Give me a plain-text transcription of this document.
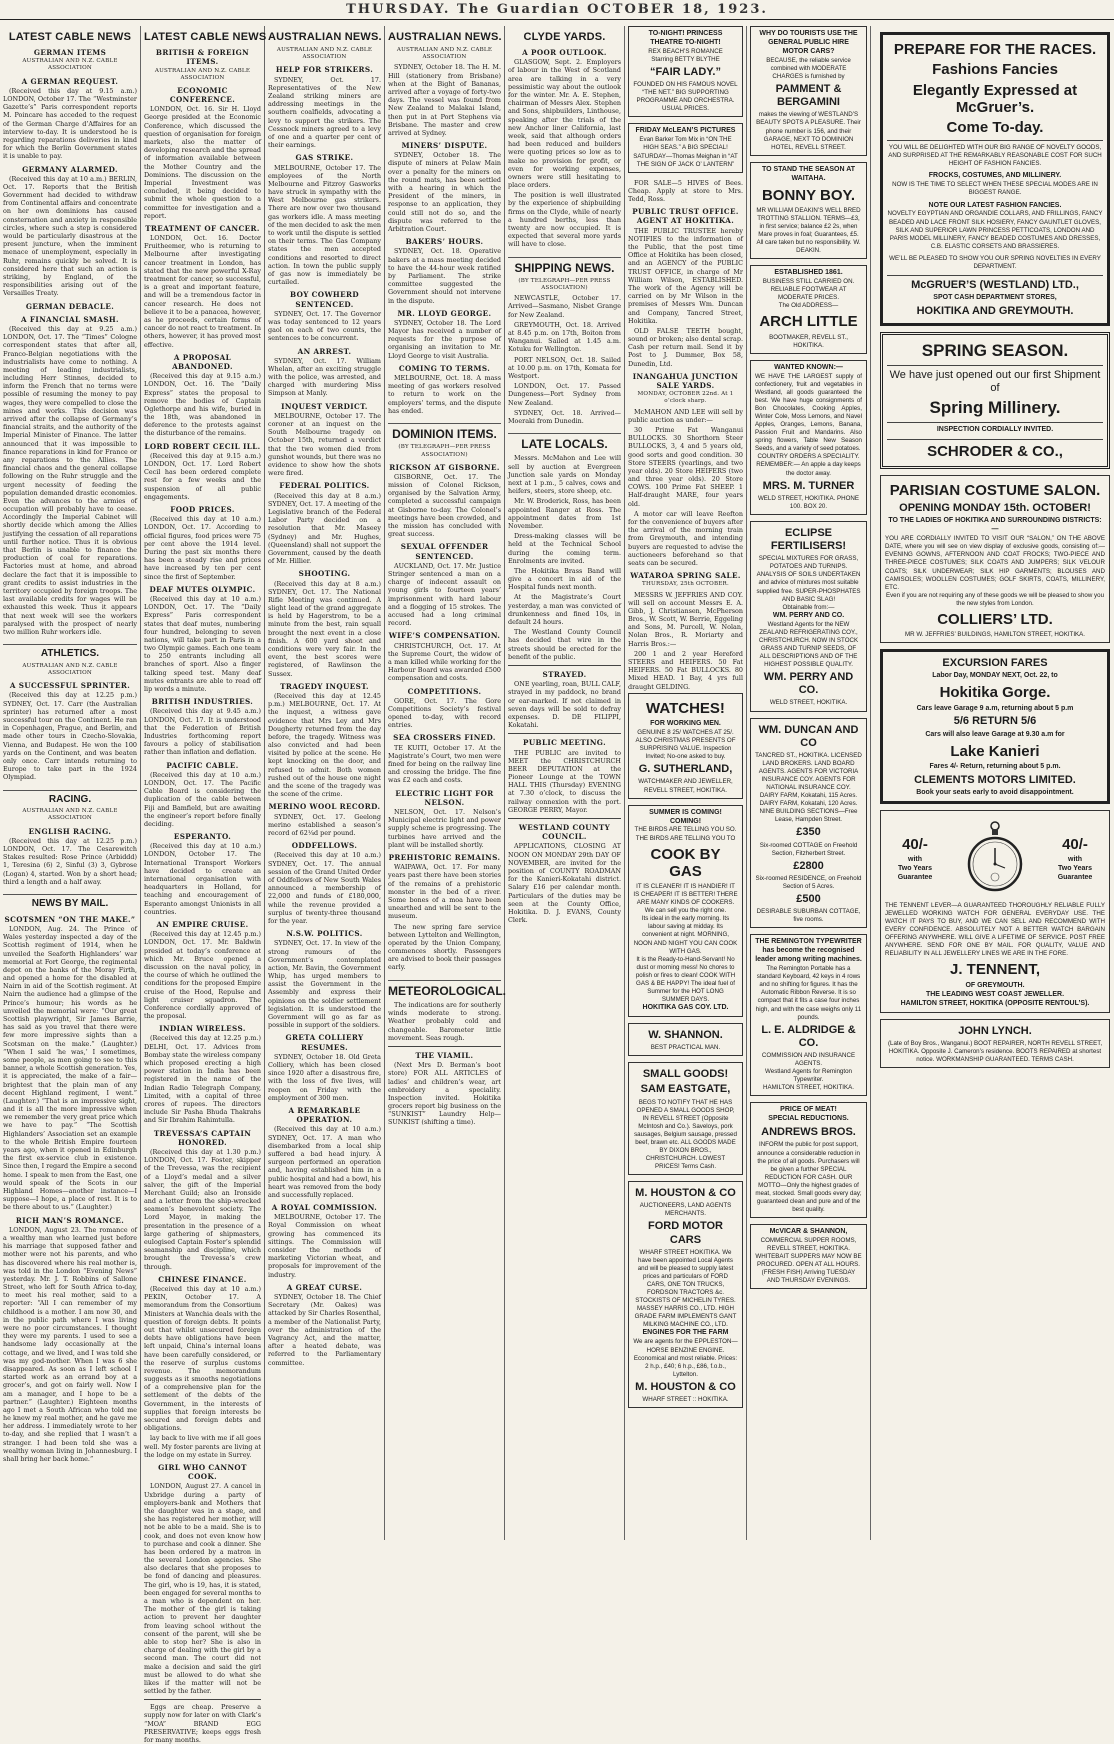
THURSDAY. The Guardian OCTOBER 18, 1923.
LATEST CABLE NEWS
GERMAN ITEMS
AUSTRALIAN AND N.Z. CABLE ASSOCIATION
A GERMAN REQUEST.

(Received this day at 9.15 a.m.) LONDON, October 17. The “Westminster Gazette’s” Paris correspondent reports M. Poincare has acceded to the request of the German Charge d’Affaires for an interview to-day. It is understood he is regarding reparations deliveries in kind for which the Berlin Government states it is unable to pay.

GERMANY ALARMED.

(Received this day at 10 a.m.) BERLIN, Oct. 17. Reports that the British Government had decided to withdraw from Continental affairs and concentrate on her own dominions has caused consternation and anxiety in responsible circles, where such a step is considered would be particularly disastrous at the present juncture, when the imminent menace of unemployment, especially in Ruhr, remains quickly be solved. It is considered here that such an action is striking, by England, of the responsibilities arising out of the Versailles Treaty.

GERMAN DEBACLE.
A FINANCIAL SMASH.

(Received this day at 9.25 a.m.) LONDON, Oct. 17. The “Times” Cologne correspondent states that after all, Franco-Belgian negotiations with the industrialists have come to nothing. A meeting of leading industrialists, including Herr Stinnes, decided to inform the French that no terms were possible of resuming the money to pay wages, they were compelled to close the mines and works. This decision was arrived after the collapse of Germany’s financial straits, and the authority of the Imperial Minister of Finance. The latter announced that it was impossible to finance reparations in kind for France or any reparations to the Allies. The financial chaos and the general collapse following on the Ruhr struggle and the urgent necessity of feeding the population demanded drastic economies. Even the advances to the armies of occupation will probably have to cease. Accordingly the Imperial Cabinet will shortly decide which among the Allies justifying the cessation of all reparations until further notice. Thus it is obvious that Berlin is unable to finance the production of coal for reparations. Factories must at home, and abroad declare the fact that it is impossible to grant credits to assist industries in the territory occupied by foreign troops. The last available credits for wages will be exhausted this week. Thus it appears that next week will see the workers paralysed with the prospect of nearly two million Ruhr workers idle.

ATHLETICS.
AUSTRALIAN AND N.Z. CABLE ASSOCIATION
A SUCCESSFUL SPRINTER.

(Received this day at 12.25 p.m.) SYDNEY, Oct. 17. Carr (the Australian sprinter) has returned after a most successful tour on the Continent. He ran in Copenhagen, Prague, and Berlin, and made other tours in Czecho-Slovakia, Vienna, and Budapest. He won the 100 yards on the Continent, and was beaten only once. Carr intends returning to Europe to take part in the 1924 Olympiad.

RACING.
AUSTRALIAN AND N.Z. CABLE ASSOCIATION
ENGLISH RACING.

(Received this day at 12.25 p.m.) LONDON, Oct. 17. The Cesarewitch Stakes resulted: Rose Prince (Arbiddd) 1, Teresina (6) 2, Sinful (3) 3, Gybrose (Logan) 4, started. Won by a short head; third a length and a half away.

NEWS BY MAIL.
SCOTSMEN “ON THE MAKE.”

LONDON, Aug. 24. The Prince of Wales yesterday inspected a day of the Scottish regiment of 1914, when he unveiled the Seaforth Highlanders’ war memorial at Fort George, the regimental depot on the banks of the Moray Firth, and opened a home for the disabled at Nairn in aid of the Scottish regiment. At Nairn the audience had a glimpse of the Prince’s humour; his words as he unveiled the memorial were: “Our great Scottish playwright, Sir James Barrie, has said as you travel that there were few more impressive sights than a Scotsman on the make.” (Laughter.) “When I said ‘he was,’ I sometimes, some people, as men going to see to this banner, a whole Scottish generation. Yes, it is appreciated, the make of a fair—brightest that the plain man of any decent Highland regiment, I went.” (Laughter.) “That is an impressive sight, and it is all the more impressive when we remember the very great price which we have to pay.” “The Scottish Highlanders’ Association set an example to the whole British Empire fourteen years ago, when it opened in Edinburgh the first ex-service club in existence. Since then, I regard the Empire a second home. I speak to men from the East, one would speak of the Scots in our Highland Homes—another instance—I suppose—I hope, a place of rest. It is to be there about to us.” (Laughter.)

RICH MAN’S ROMANCE.

LONDON, August 23. The romance of a wealthy man who learned just before his marriage that supposed father and mother were not his parents, and who has discovered where his real mother is, was told in the London “Evening News” yesterday. Mr. J. T. Robbins of Sallone Street, who left for South Africa to-day, to meet his real mother, said to a reporter: “All I can remember of my childhood is a mother. I am now 30, and in the public path where I was living were no poor circumstances. I thought they were my parents. I used to see a handsome lady occasionally at the cottage, and we lived, and I was told she was my god-mother. When I was 6 she disappeared. As soon as I left school I started work as an errand boy at a grocer’s, and got on fairly well. Now I am a manager, and I hope to be a partner.” (Laughter.) Eighteen months ago I met a South African who told me he knew my real mother, and he gave me her address. I immediately wrote to her to-day, and she replied that I wasn’t a stranger. I had been told she was a wealthy woman living in Johannesburg. I shall bring her back home.”

LATEST CABLE NEWS
BRITISH & FOREIGN ITEMS.
AUSTRALIAN AND N.Z. CABLE ASSOCIATION
ECONOMIC CONFERENCE.

LONDON, Oct. 16. Sir H. Lloyd George presided at the Economic Conference, which discussed the question of organisation for foreign markets, also the matter of developing research and the spread of information available between the Mother Country and the Dominions. The discussion on the Imperial Investment was concluded, it being decided to submit the whole question to a committee for investigation and a report.

TREATMENT OF CANCER.

LONDON, Oct. 16. Doctor Fruitheemer, who is returning to Melbourne after investigating cancer treatment in London, has stated that the new powerful X-Ray treatment for cancer, so successful, is a great and important feature, and will be a tremendous factor in cancer research. He does not believe it to be a panacea, however, as he proceeds, certain forms of cancer do not react to treatment. In others, however, it has proved most effective.

A PROPOSAL ABANDONED.

(Received this day at 9.15 a.m.) LONDON, Oct. 16. The “Daily Express” states the proposal to remove the bodies of Captain Oglethorpe and his wife, buried in the 18th, was abandoned in deference to the protests against the disturbance of the remains.

LORD ROBERT CECIL ILL.

(Received this day at 9.15 a.m.) LONDON, Oct. 17. Lord Robert Cecil has been ordered complete rest for a few weeks and the suspension of all public engagements.

FOOD PRICES.

(Received this day at 10 a.m.) LONDON, Oct. 17. According to official figures, food prices were 75 per cent above the 1914 level. During the past six months there has been a steady rise and prices have increased by ten per cent since the first of September.

DEAF MUTES OLYMPIC.

(Received this day at 10 a.m.) LONDON, Oct. 17. The “Daily Express” Paris correspondent states that deaf mutes, numbering four hundred, belonging to seven nations, will take part in Paris in a two Olympic games. Each one team to 250 entrants including all branches of sport. Also a finger talking speed test. Many deaf mutes entrants are able to read off lip words a minute.

BRITISH INDUSTRIES.

(Received this day at 9.45 a.m.) LONDON, Oct. 17. It is understood that the Federation of British Industries forthcoming report favours a policy of stabilisation rather than inflation and deflation.

PACIFIC CABLE.

(Received this day at 10 a.m.) LONDON, Oct. 17. The Pacific Cable Board is considering the duplication of the cable between Fiji and Bamfield, but are awaiting the engineer’s report before finally deciding.

ESPERANTO.

(Received this day at 10 a.m.) LONDON, October 17. The International Transport Workers have decided to create an international organisation with headquarters in Holland, for teaching and encouragement of Esperanto amongst Unionists in all countries.

AN EMPIRE CRUISE.

(Received this day at 12.45 p.m.) LONDON, Oct. 17. Mr. Baldwin presided at today’s conference at which Mr. Bruce opened a discussion on the naval policy, in the course of which he outlined the conditions for the proposed Empire cruise of the Hood, Repulse and light cruiser squadron. The Conference cordially approved of the proposal.

INDIAN WIRELESS.

(Received this day at 12.25 p.m.) DELHI, Oct. 17. Advices from Bombay state the wireless company which proposed erecting a high power station in India has been registered in the name of the Indian Radio Telegraph Company, Limited, with a capital of three crores of rupees. The directors include Sir Pasha Bhuda Thakrahs and Sir Ibrahim Rahimtulla.

TREVESSA’S CAPTAIN HONORED.

(Received this day at 1.30 p.m.) LONDON, Oct. 17. Foster, skipper of the Trevessa, was the recipient of a Lloyd’s medal and a silver salver, the gift of the Imperial Merchant Guild; also an Ironside and a letter from the ship-wrecked seamen’s benevolent society. The Lord Mayor, in making the presentation in the presence of a large gathering of shipmasters, eulogised Captain Foster’s splendid seamanship and discipline, which brought the Trevessa’s crew through.

CHINESE FINANCE.

(Received this day at 10 a.m.) PEKIN, October 17. A memorandum from the Consortium Ministers at Wanchia deals with the question of foreign debts. It points out that whilst unsecured foreign debts have obligations have been left unpaid, China’s internal loans have been carefully considered, or the reserve of surplus customs revenue. The memorandum suggests as it smooths negotiations of a comprehensive plan for the settlement of the debts of the Government, in the interests of supplies that foreign interests be secured and foreign debts and obligations.

lay back to live with me if all goes well. My foster parents are living at the lodge on my estate in Surrey.

GIRL WHO CANNOT COOK.

LONDON, August 27. A cancel in Uxbridge during a party of employers-bank and Mothers that the daughter was in a stage, and she has registered her mother, will not be able to be a maid. She is to cook, and does not even know how to purchase and cook a dinner. She has been ordered by a matron in the several London agencies. She also declares that she proposes to be fond of dancing and pleasures. The girl, who is 19, has, it is stated, been engaged for several months to a man who is dependent on her. The mother of the girl is taking action to prevent her daughter from leaving school without the consent of the parent, will she be able to stop her? She is also in charge of dealing with the girl by a second man. The court did not make a decision and said the girl must be allowed to do what she likes if the matter will not be settled by the father.

Eggs are cheap. Preserve a supply now for later on with Clark’s “MOA” BRAND EGG PRESERVATIVE; keeps eggs fresh for many months.

AUSTRALIAN NEWS.
AUSTRALIAN AND N.Z. CABLE ASSOCIATION
HELP FOR STRIKERS.

SYDNEY, Oct. 17. Representatives of the New Zealand striking miners are addressing meetings in the southern coalfields, advocating a levy to support the strikers. The Cessnock miners agreed to a levy of one and a quarter per cent of their earnings.

GAS STRIKE.

MELBOURNE, October 17. The employees of the North Melbourne and Fitzroy Gasworks have struck in sympathy with the West Melbourne gas strikers. There are now over two thousand gas workers idle. A mass meeting of the men decided to ask the men to work until the dispute is settled on their terms. The Gas Company states the men accepted conditions and resorted to direct action. In town the public supply of gas now is immediately be curtailed.

BOY COWHERD SENTENCED.

SYDNEY, Oct. 17. The Governor was today sentenced to 12 years gaol on each of two counts, the sentences to be concurrent.

AN ARREST.

SYDNEY, Oct. 17. William Whelan, after an exciting struggle with the police, was arrested, and charged with murdering Miss Simpson at Manly.

INQUEST VERDICT.

MELBOURNE, October 17. The coroner at an inquest on the South Melbourne tragedy on October 15th, returned a verdict that the two women died from gunshot wounds, but there was no evidence to show how the shots were fired.

FEDERAL POLITICS.

(Received this day at 8 a.m.) SYDNEY, Oct. 17. A meeting of the Legislative branch of the Federal Labor Party decided on a resolution that Mr. Maseey (Sydney) and Mr. Hughes, (Queensland) shall not support the Government, caused by the death of Mr. Hillier.

SHOOTING.

(Received this day at 8 a.m.) SYDNEY, Oct. 17. The National Rifle Meeting was continued. A slight lead of the grand aggregate is held by Hagerstrom, to be a minute from the best, rain squall brought the next event in a close finish. A 600 yard shoot and conditions were very fair. In the event, the best scores were registered, of Rawlinson the Sussex.

TRAGEDY INQUEST.

(Received this day at 12.45 p.m.) MELBOURNE, Oct. 17. At the inquest, a witness gave evidence that Mrs Ley and Mrs Dougherty returned from the day before, the tragedy. Witness was also convicted and had been visited by police at the scene. He kept knocking on the door, and refused to admit. Both women rushed out of the house one night and the scene of the tragedy was the scene of the crime.

MERINO WOOL RECORD.

SYDNEY, Oct. 17. Geelong merino established a season’s record of 62¼d per pound.

ODDFELLOWS.

(Received this day at 10 a.m.) SYDNEY, Oct. 17. The annual session of the Grand United Order of Oddfellows of New South Wales announced a membership of 22,000 and funds of £180,000, while the revenue provided a surplus of twenty-three thousand for the year.

N.S.W. POLITICS.

SYDNEY, Oct. 17. In view of the strong rumours of the Government’s contemplated action, Mr. Bavin, the Government Whip, has urged members to assist the Government in the Assembly and express their opinions on the soldier settlement legislation. It is understood the Government will go as far as possible in support of the soldiers.

GRETA COLLIERY RESUMES.

SYDNEY, October 18. Old Greta Colliery, which has been closed since 1920 after a disastrous fire, with the loss of five lives, will reopen on Friday with the employment of 300 men.

A REMARKABLE OPERATION.

(Received this day at 10 a.m.) SYDNEY, Oct. 17. A man who disembarked from a local ship suffered a bad head injury. A surgeon performed an operation and, having established him in a public hospital and had a bowl, his heart was removed from the body and successfully replaced.

A ROYAL COMMISSION.

MELBOURNE, October 17. The Royal Commission on wheat growing has commenced its sittings. The Commission will consider the methods of marketing Victorian wheat, and proposals for improvement of the industry.

A GREAT CURSE.

SYDNEY, October 18. The Chief Secretary (Mr. Oakes) was attacked by Sir Charles Rosenthal, a member of the Nationalist Party, over the administration of the Vagrancy Act, and the matter, after a heated debate, was referred to the Parliamentary committee.

AUSTRALIAN NEWS.
AUSTRALIAN AND N.Z. CABLE ASSOCIATION

SYDNEY, October 18. The H. M. Hill (stationery from Brisbane) when at the Bight of Bananas, arrived after a voyage of forty-two days. The vessel was found from New Zealand to Malakai Island, then put in at Port Stephens via Brisbane. The master and crew arrived at Sydney.

MINERS’ DISPUTE.

SYDNEY, October 18. The dispute of miners at Pelaw Main over a penalty for the miners on the round mats, has been settled with a hearing in which the President of the miners, in response to an application, they could still not do so, and the dispute was referred to the Arbitration Court.

BAKERS’ HOURS.

SYDNEY, Oct. 18. Operative bakers at a mass meeting decided to have the 44-hour week ratified by Parliament. The strike committee suggested the Government should not intervene in the dispute.

MR. LLOYD GEORGE.

SYDNEY, October 18. The Lord Mayor has received a number of requests for the purpose of organising an invitation to Mr. Lloyd George to visit Australia.

COMING TO TERMS.

MELBOURNE, Oct. 18. A mass meeting of gas workers resolved to return to work on the employers’ terms, and the dispute has ended.

DOMINION ITEMS.
(BY TELEGRAPH—PER PRESS ASSOCIATION)
RICKSON AT GISBORNE.

GISBORNE, Oct. 17. The mission of Colonel Rickson, organised by the Salvation Army, completed a successful campaign at Gisborne to-day. The Colonel’s meetings have been crowded, and the mission has concluded with great success.

SEXUAL OFFENDER SENTENCED.

AUCKLAND, Oct. 17. Mr. Justice Stringer sentenced a man on a charge of indecent assault on young girls to fourteen years’ imprisonment with hard labour and a flogging of 15 strokes. The accused had a long criminal record.

WIFE’S COMPENSATION.

CHRISTCHURCH, Oct. 17. At the Supreme Court, the widow of a man killed while working for the Harbour Board was awarded £500 compensation and costs.

COMPETITIONS.

GORE, Oct. 17. The Gore Competitions Society’s festival opened to-day, with record entries.

SEA CROSSERS FINED.

TE KUITI, October 17. At the Magistrate’s Court, two men were fined for being on the railway line and crossing the bridge. The fine was £2 each and costs.

ELECTRIC LIGHT FOR NELSON.

NELSON, Oct. 17. Nelson’s Municipal electric light and power supply scheme is progressing. The turbines have arrived and the plant will be installed shortly.

PREHISTORIC REMAINS.

WAIPAWA, Oct. 17. For many years past there have been stories of the remains of a prehistoric monster in the bed of a river. Some bones of a moa have been unearthed and will be sent to the museum.

The new spring fare service between Lyttelton and Wellington, operated by the Union Company, commences shortly. Passengers are advised to book their passages early.

METEOROLOGICAL.

The indications are for southerly winds moderate to strong. Weather probably cold and changeable. Barometer little movement. Seas rough.

THE VIAMIL.

(Next Mrs D. Berman’s boot store) FOR ALL ARTICLES of ladies’ and children’s wear, art embroidery a speciality. Inspection invited. Hokitika grocers report big business on the “SUNKIST” Laundry Help— SUNKIST (shifting a time).

CLYDE YARDS.
A POOR OUTLOOK.

GLASGOW, Sept. 2. Employers of labour in the West of Scotland area are talking in a very pessimistic way about the outlook for the winter. Mr. A. E. Stephen, chairman of Messrs Alex. Stephen and Sons, shipbuilders, Linthouse, speaking after the trials of the new Anchor liner California, last week, said that although orders had been reduced and builders were quoting prices so low as to make no provision for profit, or even for working expenses, owners were still hesitating to place orders.

The position is well illustrated by the experience of shipbuilding firms on the Clyde, while of nearly a hundred berths, less than twenty are now occupied. It is expected that several more yards will have to close.

SHIPPING NEWS.
(BY TELEGRAPH—PER PRESS ASSOCIATION)

NEWCASTLE, October 17. Arrived—Sasmano, Nisbet Grange for New Zealand.

GREYMOUTH, Oct. 18. Arrived at 8.45 p.m. on 17th, Boiton from Wanganui. Sailed at 1.45 a.m. Kotuku for Wellington.

PORT NELSON, Oct. 18. Sailed at 10.00 p.m. on 17th, Komata for Westport.

LONDON, Oct. 17. Passed Dungeness—Port Sydney from New Zealand.

SYDNEY, Oct. 18. Arrived—Moeraki from Dunedin.

LATE LOCALS.

Messrs. McMahon and Lee will sell by auction at Evergreen Junction sale yards on Monday next at 1 p.m., 5 calves, cows and heifers, steers, store sheep, etc.

Mr. W. Broderick, Ross, has been appointed Ranger at Ross. The appointment dates from 1st November.

Dress-making classes will be held at the Technical School during the coming term. Enrolments are invited.

The Hokitika Brass Band will give a concert in aid of the Hospital funds next month.

At the Magistrate’s Court yesterday, a man was convicted of drunkenness and fined 10s, in default 24 hours.

The Westland County Council has decided that wire in the streets should be erected for the benefit of the public.

STRAYED.

ONE yearling, roan, BULL CALF, strayed in my paddock, no brand or ear-marked. If not claimed in seven days will be sold to defray expenses. D. DE FILIPPI, Kokatahi.

PUBLIC MEETING.

THE PUBLIC are invited to MEET the CHRISTCHURCH BEER DEPUTATION at the Pioneer Lounge at the TOWN HALL THIS (Thursday) EVENING at 7.30 o’clock, to discuss the railway connexion with the port. GEORGE PERRY, Mayor.

WESTLAND COUNTY COUNCIL.

APPLICATIONS, CLOSING AT NOON ON MONDAY 29th DAY OF NOVEMBER, are invited for the position of COUNTY ROADMAN for the Kanieri-Kokatahi district. Salary £16 per calendar month. Particulars of the duties may be seen at the County Office, Hokitika. D. J. EVANS, County Clerk.

TO-NIGHT! PRINCESS THEATRE TO-NIGHT!
REX BEACH’S ROMANCE
Starring BETTY BLYTHE
“FAIR LADY.”
FOUNDED ON HIS FAMOUS NOVEL “THE NET.” BIG SUPPORTING PROGRAMME AND ORCHESTRA. USUAL PRICES.
FRIDAY McLEAN’S PICTURES
Evan Barker Tom Mix in “ON THE HIGH SEAS.” A BIG SPECIAL!
SATURDAY—Thomas Meighan in “AT THE SIGN OF JACK O’ LANTERN”

FOR SALE—5 HIVES of Bees. Cheap. Apply at store to Mrs. Tedd, Ross.

PUBLIC TRUST OFFICE. AGENT AT HOKITIKA.

THE PUBLIC TRUSTEE hereby NOTIFIES to the information of the Public, that the post time Office at Hokitika has been closed, and an AGENCY of the PUBLIC TRUST OFFICE, in charge of Mr William Wilson, ESTABLISHED. The work of the Agency will be carried on by Mr Wilson in the premises of Messrs Wm. Duncan and Company, Tancred Street, Hokitika.

OLD FALSE TEETH bought, sound or broken; also dental scrap. Cash per return mail. Send it by Post to J. Dummer, Box 58, Dunedin, Ltd.

INANGAHUA JUNCTION SALE YARDS.
MONDAY, OCTOBER 22nd. At 1 o’clock sharp.

McMAHON AND LEE will sell by public auction as under:—

30 Prime Fat Wanganui BULLOCKS. 30 Shorthorn Steer BULLOCKS, 3, 4 and 5 years old, good sorts and good condition. 30 Store STEERS (yearlings, and two year olds). 20 Store HEIFERS (two and three year olds). 20 Store COWS. 100 Prime Fat SHEEP. 1 Half-draught MARE, four years old.

A motor car will leave Reefton for the convenience of buyers after the arrival of the morning train from Greymouth, and intending buyers are requested to advise the auctioneers beforehand so that seats can be secured.

WATAROA SPRING SALE.
THURSDAY, 25th OCTOBER.

MESSRS W. JEFFRIES AND COY. will sell on account Messrs E. A. Gibb, J. Christiansen, McPherson Bros., W. Scott, W. Berrie, Eggeling and Sons, M. Purcell, W. Nolan, Nolan Bros., R. Moriarty and Harris Bros.:—

200 1 and 2 year Hereford STEERS and HEIFERS. 50 Fat HEIFERS. 50 Fat BULLOCKS. 80 Mixed HEAD. 1 Bay, 4 yrs full draught GELDING.

WATCHES!
FOR WORKING MEN.
GENUINE 8 25/ WATCHES AT 25/. ALSO CHRISTMAS PRESENTS OF SURPRISING VALUE. Inspection Invited; No-one asked to buy.
G. SUTHERLAND,
WATCHMAKER AND JEWELLER, REVELL STREET, HOKITIKA.
SUMMER IS COMING! COMING!
THE BIRDS ARE TELLING YOU SO. THE BIRDS ARE TELLING YOU TO
COOK BY GAS
IT IS CLEANER! IT IS HANDIER! IT IS CHEAPER! IT IS BETTER! THERE ARE MANY KINDS OF COOKERS. We can sell you the right one.
Its ideal in the early morning. Its labour saving at midday. Its convenient at night. MORNING, NOON AND NIGHT YOU CAN COOK WITH GAS.
It is the Ready-to-Hand-Servant! No dust or morning mess! No chores to polish or fires to clean! COOK WITH GAS & BE HAPPY! The ideal fuel of Summer for the HOT LONG SUMMER DAYS.
HOKITIKA GAS COY. LTD.
W. SHANNON.
BEST PRACTICAL MAN.
SMALL GOODS!
SAM EASTGATE,
BEGS TO NOTIFY THAT HE HAS OPENED A SMALL GOODS SHOP, IN REVELL STREET (Opposite McIntosh and Co.). Saveloys, pork sausages, Belgium sausage, pressed beef, brawn etc. ALL GOODS MADE BY DIXON BROS., CHRISTCHURCH. LOWEST PRICES! Terms Cash.
M. HOUSTON & CO
AUCTIONEERS, LAND AGENTS MERCHANTS.
FORD MOTOR CARS
WHARF STREET HOKITIKA. We have been appointed Local Agents and will be pleased to supply latest prices and particulars of FORD CARS, ONE TON TRUCKS, FORDSON TRACTORS &c. STOCKISTS OF MICHELIN TYRES. MASSEY HARRIS CO., LTD. HIGH GRADE FARM IMPLEMENTS GANT MILKING MACHINE CO., LTD.
ENGINES FOR THE FARM
We are agents for the EPPLESTON—HORSE BENZINE ENGINE. Economical and most reliable. Prices: 2 h.p., £40; 6 h.p., £86, f.o.b., Lyttelton.
M. HOUSTON & CO
WHARF STREET :: HOKITIKA.
WHY DO TOURISTS USE THE GENERAL PUBLIC HIRE MOTOR CARS?
BECAUSE, the reliable service combined with MODERATE CHARGES is furnished by
PAMMENT & BERGAMINI
makes the viewing of WESTLAND’S BEAUTY SPOTS A PLEASURE. Their phone number is 156, and their GARAGE, NEXT TO DOMINION HOTEL, REVELL STREET.
TO STAND THE SEASON AT WAITAHA.
BONNY BOY.
MR WILLIAM DEAKIN’S WELL BRED TROTTING STALLION. TERMS—£3, in first service; balance £2 2s, when Mare proves in foal; Guarantees, £5. All care taken but no responsibility. W. DEAKIN.
ESTABLISHED 1861.
BUSINESS STILL CARRIED ON.
RELIABLE FOOTWEAR AT MODERATE PRICES.
The Old ADDRESS—
ARCH LITTLE
BOOTMAKER, REVELL ST., HOKITIKA.
WANTED KNOWN:—
WE HAVE THE LARGEST supply of confectionery, fruit and vegetables in Westland, all goods guaranteed the best. We have huge consignments of Bon Chocolates, Cooking Apples, Winter Cole, Moss Lemons, and Navel Apples, Oranges, Lemons, Banana, Passion Fruit and Mandarins. Also spring flowers, Table New Season Seeds, and a variety of seed potatoes.
COUNTRY ORDERS A SPECIALITY. REMEMBER:— An apple a day keeps the doctor away.
MRS. M. TURNER
WELD STREET, HOKITIKA. PHONE 100. BOX 20.
ECLIPSE FERTILISERS!
SPECIAL MIXTURES FOR GRASS, POTATOES AND TURNIPS. ANALYSIS OF SOILS UNDERTAKEN and advice of mixtures most suitable supplied free. SUPER-PHOSPHATES AND BASIC SLAG!
Obtainable from:—
WM. PERRY AND CO.
Westland Agents for the NEW ZEALAND REFRIGERATING COY., CHRISTCHURCH. NOW IN STOCK GRASS AND TURNIP SEEDS, OF ALL DESCRIPTIONS AND OF THE HIGHEST POSSIBLE QUALITY.
WM. PERRY AND CO.
WELD STREET, HOKITIKA.
WM. DUNCAN AND CO
TANCRED ST., HOKITIKA. LICENSED LAND BROKERS. LAND BOARD AGENTS. AGENTS FOR VICTORIA INSURANCE COY. AGENTS FOR NATIONAL INSURANCE COY.
DAIRY FARM, Kokatahi, 115 Acres. DAIRY FARM, Kokatahi, 120 Acres.
NINE BUILDING SECTIONS—Free Lease, Hampden Street.
£350
Six-roomed COTTAGE on Freehold Section, Fitzherbert Street.
£2800
Six-roomed RESIDENCE, on Freehold Section of 5 Acres.
£500
DESIRABLE SUBURBAN COTTAGE, five rooms.
THE REMINGTON TYPEWRITER has become the recognised leader among writing machines.
The Remington Portable has a standard Keyboard, 42 keys in 4 rows and no shifting for figures. It has the Automatic Ribbon Reverse. It is so compact that it fits a case four inches high, and with the case weighs only 11 pounds.
L. E. ALDRIDGE & CO.
COMMISSION AND INSURANCE AGENTS.
Westland Agents for Remington Typewriter.
HAMILTON STREET, HOKITIKA.
PRICE OF MEAT!
SPECIAL REDUCTIONS.
ANDREWS BROS.
INFORM the public for post support, announce a considerable reduction in the price of all goods. Purchasers will be given a further SPECIAL REDUCTION FOR CASH. OUR MOTTO—Only the highest grades of meat, stocked. Small goods every day; guaranteed clean and pure and of the best quality.
McVICAR & SHANNON,
COMMERCIAL SUPPER ROOMS, REVELL STREET, HOKITIKA. WHITEBAIT SUPPERS MAY NOW BE PROCURED. OPEN AT ALL HOURS. (FRESH FISH) Arriving TUESDAY AND THURSDAY EVENINGS.
PREPARE FOR THE RACES.
Fashions Fancies
Elegantly Expressed at McGruer’s.
Come To-day.
YOU WILL BE DELIGHTED WITH OUR BIG RANGE OF NOVELTY GOODS, AND SURPRISED AT THE REMARKABLY REASONABLE COST FOR SUCH HEIGHT OF FASHION FANCIES.
FROCKS, COSTUMES, AND MILLINERY.
NOW IS THE TIME TO SELECT WHEN THESE SPECIAL MODES ARE IN BIGGEST RANGE.
NOTE OUR LATEST FASHION FANCIES.
NOVELTY EGYPTIAN AND ORGANDIE COLLARS, AND FRILLINGS, FANCY BEADED AND LACE FRONT SILK HOSIERY, FANCY GAUNTLET GLOVES, SILK AND SUPERIOR LAWN PRINCESS PETTICOATS, LONDON AND PARIS MODEL MILLINERY, FANCY BEADED COSTUMES AND DRESSES, C.B. ELASTIC CORSETS AND BRASSIERES.
WE’LL BE PLEASED TO SHOW YOU OUR SPRING NOVELTIES IN EVERY DEPARTMENT.
McGRUER’S (WESTLAND) LTD.,
SPOT CASH DEPARTMENT STORES,
HOKITIKA AND GREYMOUTH.
SPRING SEASON.
We have just opened out our first Shipment of
Spring Millinery.
INSPECTION CORDIALLY INVITED.
SCHRODER & CO.,
PARISIAN COSTUME SALON.
OPENING MONDAY 15th. OCTOBER!
TO THE LADIES OF HOKITIKA AND SURROUNDING DISTRICTS:—
YOU ARE CORDIALLY INVITED TO VISIT OUR “SALON,” ON THE ABOVE DATE, where you will see on view display of exclusive goods, consisting of:— EVENING GOWNS, AFTERNOON AND COAT FROCKS; TWO-PIECE AND THREE-PIECE COSTUMES; SILK COATS AND JUMPERS; SILK VELOUR COATS; SILK UNDERWEAR; SILK HIP GARMENTS; BLOUSES AND CAMISOLES; WOOLLEN COSTUMES; GOLF SKIRTS, COATS, MILLINERY, ETC.
Even if you are not requiring any of these goods we will be pleased to show you the new styles from London.
COLLIERS’ LTD.
MR W. JEFFRIES’ BUILDINGS, HAMILTON STREET, HOKITIKA.
EXCURSION FARES
Labor Day, MONDAY NEXT, Oct. 22, to
Hokitika Gorge.
Cars leave Garage 9 a.m, returning about 5 p.m
5/6 RETURN 5/6
Cars will also leave Garage at 9.30 a.m for
Lake Kanieri
Fares 4/- Return, returning about 5 p.m.
CLEMENTS MOTORS LIMITED.
Book your seats early to avoid disappointment.
40/-
with
Two Years
Guarantee
40/-
with
Two Years
Guarantee
THE TENNENT LEVER—A GUARANTEED THOROUGHLY RELIABLE FULLY JEWELLED WORKING WATCH FOR GENERAL EVERYDAY USE. THE WATCH IT PAYS TO BUY, AND WE CAN SELL AND RECOMMEND WITH EVERY CONFIDENCE. ABSOLUTELY NOT A BETTER WATCH BARGAIN OFFERING ANYWHERE. WILL GIVE A LIFETIME OF SERVICE. POST FREE ANYWHERE. SEND FOR ONE BY MAIL. FOR QUALITY, VALUE AND RELIABILITY IN ALL JEWELLERY LINES WE ARE IN THE FORE.
J. TENNENT,
OF GREYMOUTH.
THE LEADING WEST COAST JEWELLER.
HAMILTON STREET, HOKITIKA (OPPOSITE RENTOUL’S).
JOHN LYNCH.
(Late of Boy Bros., Wanganui.) BOOT REPAIRER, NORTH REVELL STREET, HOKITIKA. Opposite J. Cameron’s residence. BOOTS REPAIRED at shortest notice. WORKMANSHIP GUARANTEED. TERMS CASH.
